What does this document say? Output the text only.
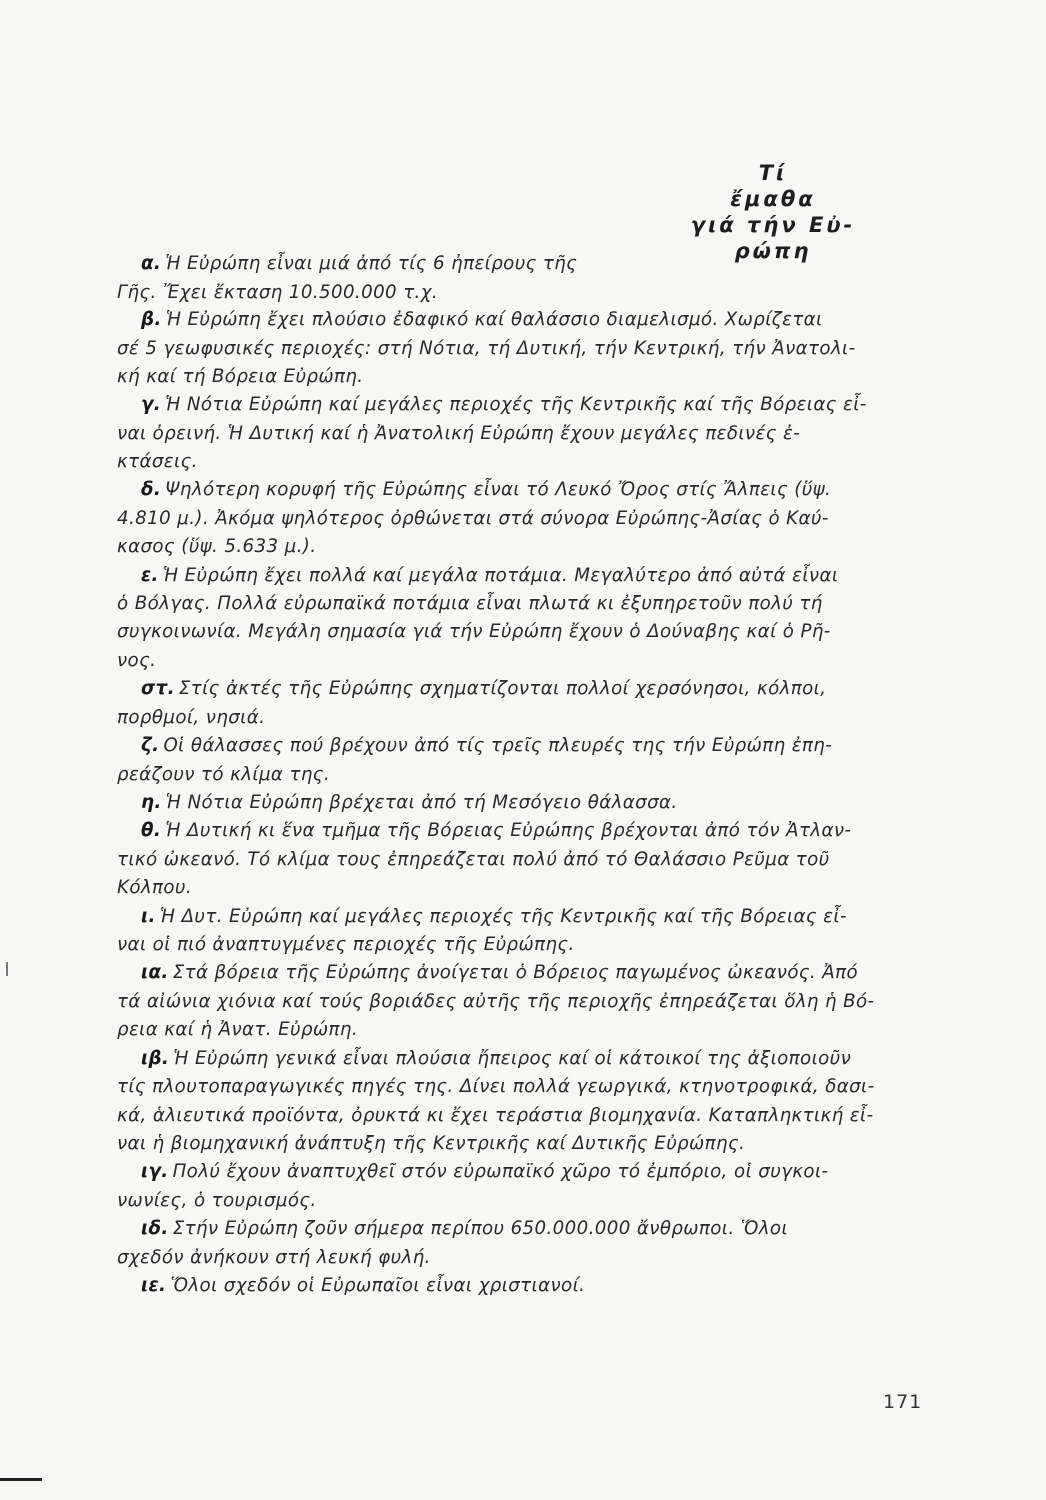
Τί
ἔμαθα
γιά τήν Εὐ-
ρώπη
α. Ἡ Εὐρώπη εἶναι μιά ἀπό τίς 6 ἠπείρους τῆς
Γῆς. Ἔχει ἔκταση 10.500.000 τ.χ.
β. Ἡ Εὐρώπη ἔχει πλούσιο ἐδαφικό καί θαλάσσιο διαμελισμό. Χωρίζεται
σέ 5 γεωφυσικές περιοχές: στή Νότια, τή Δυτική, τήν Κεντρική, τήν Ἀνατολι-
κή καί τή Βόρεια Εὐρώπη.
γ. Ἡ Νότια Εὐρώπη καί μεγάλες περιοχές τῆς Κεντρικῆς καί τῆς Βόρειας εἶ-
ναι ὀρεινή. Ἡ Δυτική καί ἡ Ἀνατολική Εὐρώπη ἔχουν μεγάλες πεδινές ἐ-
κτάσεις.
δ. Ψηλότερη κορυφή τῆς Εὐρώπης εἶναι τό Λευκό Ὄρος στίς Ἄλπεις (ὕψ.
4.810 μ.). Ἀκόμα ψηλότερος ὀρθώνεται στά σύνορα Εὐρώπης-Ἀσίας ὁ Καύ-
κασος (ὕψ. 5.633 μ.).
ε. Ἡ Εὐρώπη ἔχει πολλά καί μεγάλα ποτάμια. Μεγαλύτερο ἀπό αὐτά εἶναι
ὁ Βόλγας. Πολλά εὐρωπαϊκά ποτάμια εἶναι πλωτά κι ἐξυπηρετοῦν πολύ τή
συγκοινωνία. Μεγάλη σημασία γιά τήν Εὐρώπη ἔχουν ὁ Δούναβης καί ὁ Ρῆ-
νος.
στ. Στίς ἀκτές τῆς Εὐρώπης σχηματίζονται πολλοί χερσόνησοι, κόλποι,
πορθμοί, νησιά.
ζ. Οἱ θάλασσες πού βρέχουν ἀπό τίς τρεῖς πλευρές της τήν Εὐρώπη ἐπη-
ρεάζουν τό κλίμα της.
η. Ἡ Νότια Εὐρώπη βρέχεται ἀπό τή Μεσόγειο θάλασσα.
θ. Ἡ Δυτική κι ἕνα τμῆμα τῆς Βόρειας Εὐρώπης βρέχονται ἀπό τόν Ἀτλαν-
τικό ὠκεανό. Τό κλίμα τους ἐπηρεάζεται πολύ ἀπό τό Θαλάσσιο Ρεῦμα τοῦ
Κόλπου.
ι. Ἡ Δυτ. Εὐρώπη καί μεγάλες περιοχές τῆς Κεντρικῆς καί τῆς Βόρειας εἶ-
ναι οἱ πιό ἀναπτυγμένες περιοχές τῆς Εὐρώπης.
ια. Στά βόρεια τῆς Εὐρώπης ἀνοίγεται ὁ Βόρειος παγωμένος ὠκεανός. Ἀπό
τά αἰώνια χιόνια καί τούς βοριάδες αὐτῆς τῆς περιοχῆς ἐπηρεάζεται ὅλη ἡ Βό-
ρεια καί ἡ Ἀνατ. Εὐρώπη.
ιβ. Ἡ Εὐρώπη γενικά εἶναι πλούσια ἤπειρος καί οἱ κάτοικοί της ἀξιοποιοῦν
τίς πλουτοπαραγωγικές πηγές της. Δίνει πολλά γεωργικά, κτηνοτροφικά, δασι-
κά, ἁλιευτικά προϊόντα, ὀρυκτά κι ἔχει τεράστια βιομηχανία. Καταπληκτική εἶ-
ναι ἡ βιομηχανική ἀνάπτυξη τῆς Κεντρικῆς καί Δυτικῆς Εὐρώπης.
ιγ. Πολύ ἔχουν ἀναπτυχθεῖ στόν εὐρωπαϊκό χῶρο τό ἐμπόριο, οἱ συγκοι-
νωνίες, ὁ τουρισμός.
ιδ. Στήν Εὐρώπη ζοῦν σήμερα περίπου 650.000.000 ἄνθρωποι. Ὅλοι
σχεδόν ἀνήκουν στή λευκή φυλή.
ιε. Ὅλοι σχεδόν οἱ Εὐρωπαῖοι εἶναι χριστιανοί.
171
